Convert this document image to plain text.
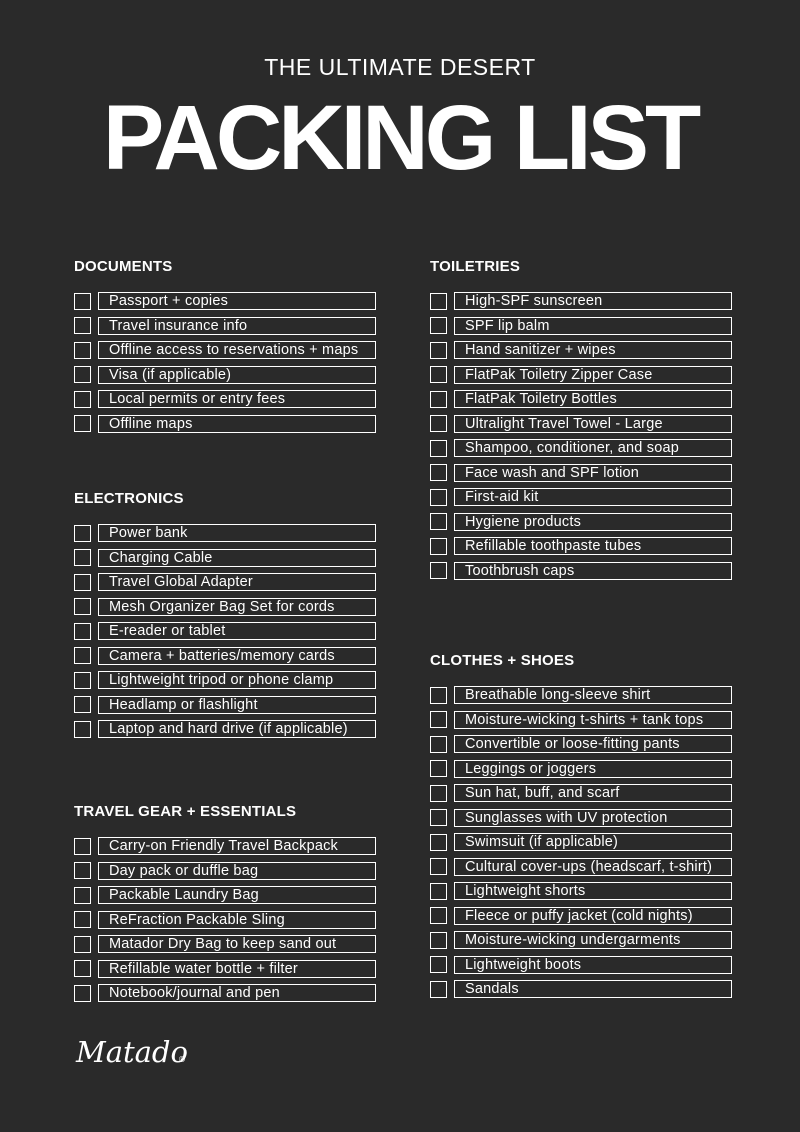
THE ULTIMATE DESERT
PACKING LIST
DOCUMENTS
Passport + copies
Travel insurance info
Offline access to reservations + maps
Visa (if applicable)
Local permits or entry fees
Offline maps
ELECTRONICS
Power bank
Charging Cable
Travel Global Adapter
Mesh Organizer Bag Set for cords
E-reader or tablet
Camera + batteries/memory cards
Lightweight tripod or phone clamp
Headlamp or flashlight
Laptop and hard drive (if applicable)
TRAVEL GEAR + ESSENTIALS
Carry-on Friendly Travel Backpack
Day pack or duffle bag
Packable Laundry Bag
ReFraction Packable Sling
Matador Dry Bag to keep sand out
Refillable water bottle + filter
Notebook/journal and pen
TOILETRIES
High-SPF sunscreen
SPF lip balm
Hand sanitizer + wipes
FlatPak Toiletry Zipper Case
FlatPak Toiletry Bottles
Ultralight Travel Towel - Large
Shampoo, conditioner, and soap
Face wash and SPF lotion
First-aid kit
Hygiene products
Refillable toothpaste tubes
Toothbrush caps
CLOTHES + SHOES
Breathable long-sleeve shirt
Moisture-wicking t-shirts + tank tops
Convertible or loose-fitting pants
Leggings or joggers
Sun hat, buff, and scarf
Sunglasses with UV protection
Swimsuit (if applicable)
Cultural cover-ups (headscarf, t-shirt)
Lightweight shorts
Fleece or puffy jacket (cold nights)
Moisture-wicking undergarments
Lightweight boots
Sandals
Matado
®
